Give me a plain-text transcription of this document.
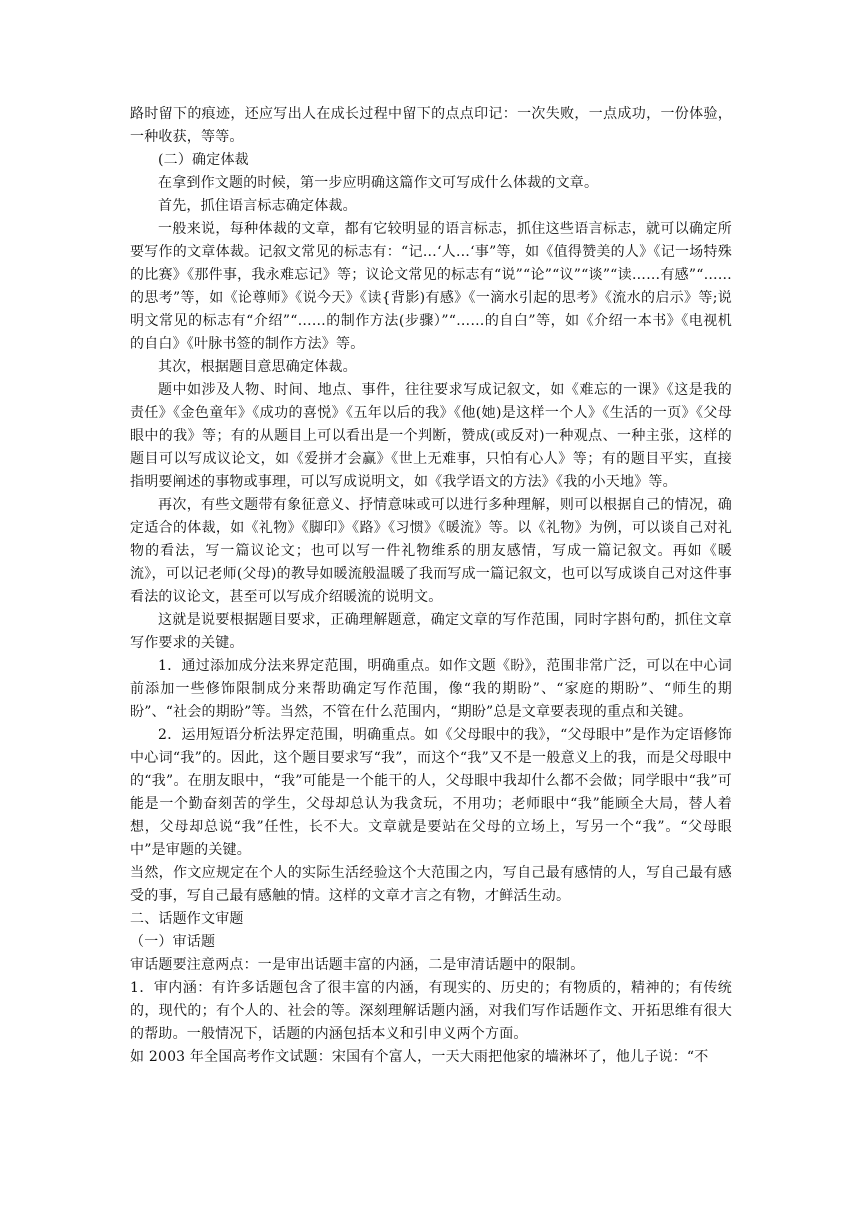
路时留下的痕迹，还应写出人在成长过程中留下的点点印记：一次失败，一点成功，一份体验，一种收获，等等。

(二）确定体裁

在拿到作文题的时候，第一步应明确这篇作文可写成什么体裁的文章。

首先，抓住语言标志确定体裁。

一般来说，每种体裁的文章，都有它较明显的语言标志，抓住这些语言标志，就可以确定所要写作的文章体裁。记叙文常见的标志有：“记…‘人…‘事”等，如《值得赞美的人》《记一场特殊的比赛》《那件事，我永难忘记》等；议论文常见的标志有“说”“论”“议”“谈”“读……有感”“……的思考”等，如《论尊师》《说今天》《读{背影)有感》《一滴水引起的思考》《流水的启示》等;说明文常见的标志有“介绍”“……的制作方法(步骤）”“……的自白”等，如《介绍一本书》《电视机的自白》《叶脉书签的制作方法》等。

其次，根据题目意思确定体裁。

题中如涉及人物、时间、地点、事件，往往要求写成记叙文，如《难忘的一课》《这是我的责任》《金色童年》《成功的喜悦》《五年以后的我》《他(她)是这样一个人》《生活的一页》《父母眼中的我》等；有的从题目上可以看出是一个判断，赞成(或反对)一种观点、一种主张，这样的题目可以写成议论文，如《爱拼才会赢》《世上无难事，只怕有心人》等；有的题目平实，直接指明要阐述的事物或事理，可以写成说明文，如《我学语文的方法》《我的小天地》等。

再次，有些文题带有象征意义、抒情意味或可以进行多种理解，则可以根据自己的情况，确定适合的体裁，如《礼物》《脚印》《路》《习惯》《暖流》等。以《礼物》为例，可以谈自己对礼物的看法，写一篇议论文；也可以写一件礼物维系的朋友感情，写成一篇记叙文。再如《暖流》，可以记老师(父母)的教导如暖流般温暖了我而写成一篇记叙文，也可以写成谈自己对这件事看法的议论文，甚至可以写成介绍暖流的说明文。

这就是说要根据题目要求，正确理解题意，确定文章的写作范围，同时字斟句酌，抓住文章写作要求的关键。

1．通过添加成分法来界定范围，明确重点。如作文题《盼》，范围非常广泛，可以在中心词前添加一些修饰限制成分来帮助确定写作范围，像“我的期盼”、“家庭的期盼”、“师生的期盼”、“社会的期盼”等。当然，不管在什么范围内，“期盼”总是文章要表现的重点和关键。

2．运用短语分析法界定范围，明确重点。如《父母眼中的我》，“父母眼中”是作为定语修饰中心词“我”的。因此，这个题目要求写“我”，而这个“我”又不是一般意义上的我，而是父母眼中的“我”。在朋友眼中，“我”可能是一个能干的人，父母眼中我却什么都不会做；同学眼中“我”可能是一个勤奋刻苦的学生，父母却总认为我贪玩，不用功；老师眼中“我”能顾全大局，替人着想，父母却总说“我”任性，长不大。文章就是要站在父母的立场上，写另一个“我”。“父母眼中”是审题的关键。

当然，作文应规定在个人的实际生活经验这个大范围之内，写自己最有感情的人，写自己最有感受的事，写自己最有感触的情。这样的文章才言之有物，才鲜活生动。

二、话题作文审题

（一）审话题

审话题要注意两点：一是审出话题丰富的内涵，二是审清话题中的限制。

1．审内涵：有许多话题包含了很丰富的内涵，有现实的、历史的；有物质的，精神的；有传统的，现代的；有个人的、社会的等。深刻理解话题内涵，对我们写作话题作文、开拓思维有很大的帮助。一般情况下，话题的内涵包括本义和引申义两个方面。

如 2003 年全国高考作文试题：宋国有个富人，一天大雨把他家的墙淋坏了，他儿子说：“不
